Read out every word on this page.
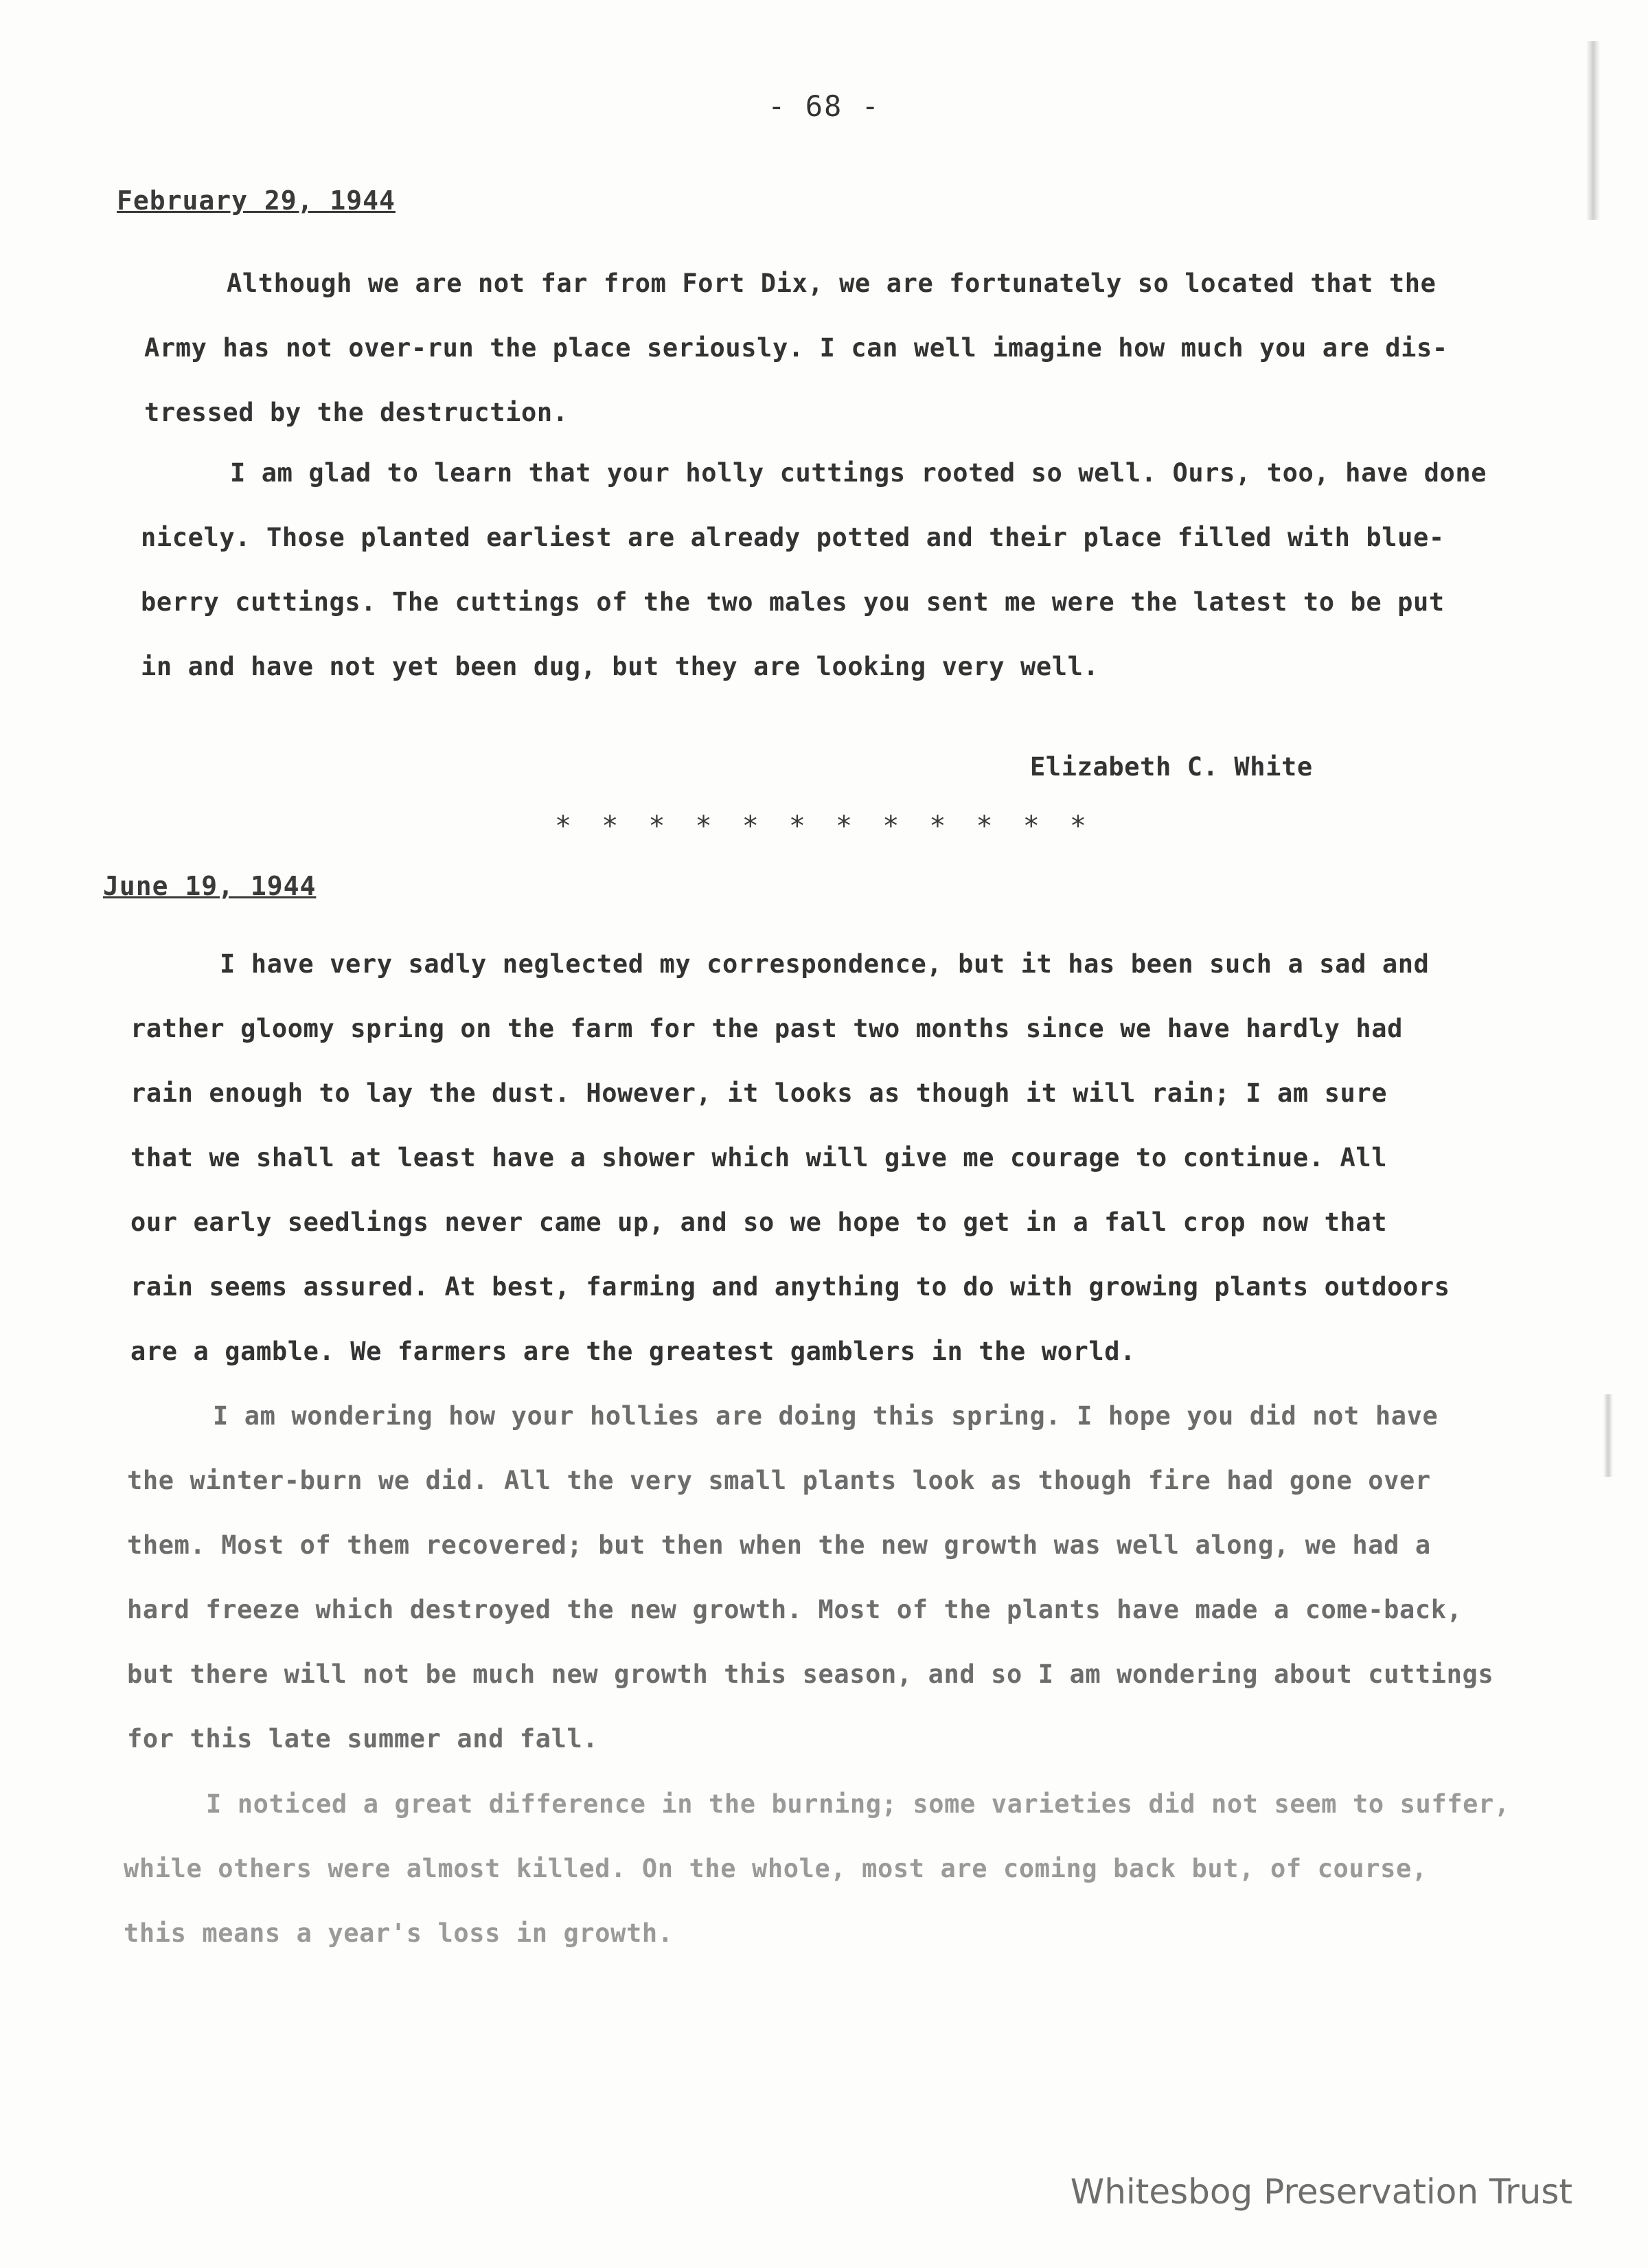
- 68 -
February 29, 1944
Although we are not far from Fort Dix, we are fortunately so located that the
Army has not over-run the place seriously. I can well imagine how much you are dis-
tressed by the destruction.
I am glad to learn that your holly cuttings rooted so well. Ours, too, have done
nicely. Those planted earliest are already potted and their place filled with blue-
berry cuttings. The cuttings of the two males you sent me were the latest to be put
in and have not yet been dug, but they are looking very well.
Elizabeth C. White
* * * * * * * * * * * *
June 19, 1944
I have very sadly neglected my correspondence, but it has been such a sad and
rather gloomy spring on the farm for the past two months since we have hardly had
rain enough to lay the dust. However, it looks as though it will rain; I am sure
that we shall at least have a shower which will give me courage to continue. All
our early seedlings never came up, and so we hope to get in a fall crop now that
rain seems assured. At best, farming and anything to do with growing plants outdoors
are a gamble. We farmers are the greatest gamblers in the world.
I am wondering how your hollies are doing this spring. I hope you did not have
the winter-burn we did. All the very small plants look as though fire had gone over
them. Most of them recovered; but then when the new growth was well along, we had a
hard freeze which destroyed the new growth. Most of the plants have made a come-back,
but there will not be much new growth this season, and so I am wondering about cuttings
for this late summer and fall.
I noticed a great difference in the burning; some varieties did not seem to suffer,
while others were almost killed. On the whole, most are coming back but, of course,
this means a year's loss in growth.
Whitesbog Preservation Trust
